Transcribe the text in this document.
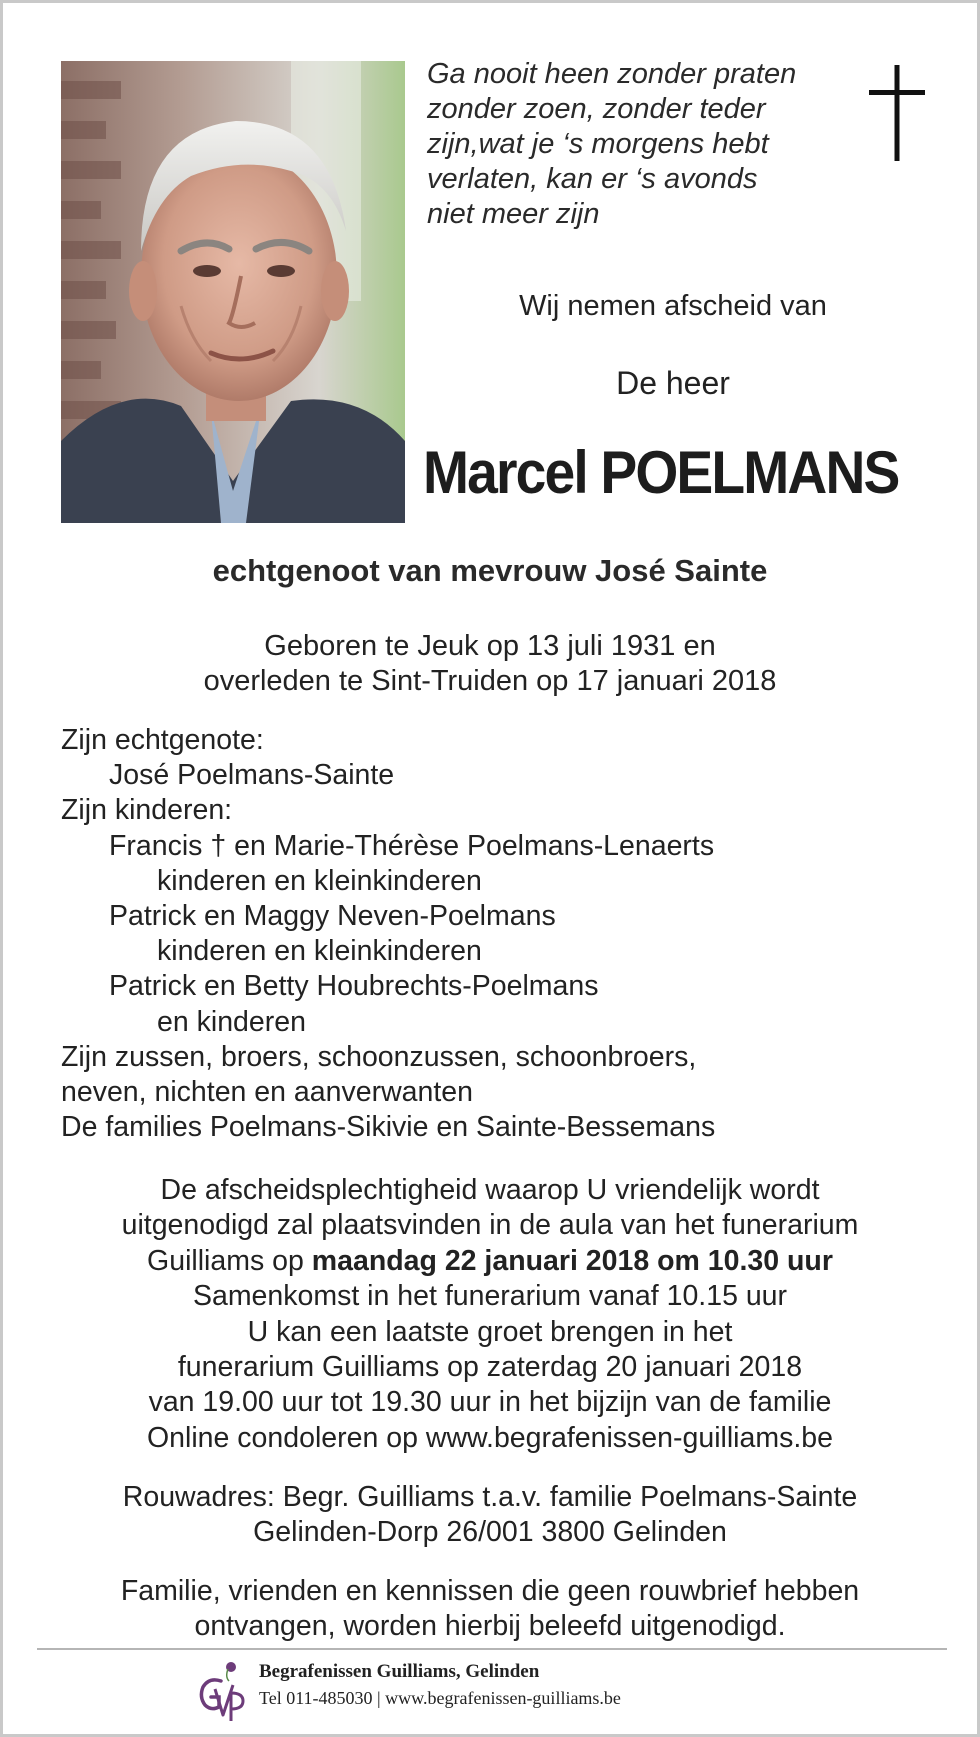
Ga nooit heen zonder praten
zonder zoen, zonder teder
zijn,wat je ‘s morgens hebt
verlaten, kan er ‘s avonds
niet meer zijn
Wij nemen afscheid van
De heer
Marcel POELMANS
echtgenoot van mevrouw José Sainte
Geboren te Jeuk op 13 juli 1931 en
overleden te Sint-Truiden op 17 januari 2018
Zijn echtgenote:
José Poelmans-Sainte
Zijn kinderen:
Francis † en Marie-Thérèse Poelmans-Lenaerts
kinderen en kleinkinderen
Patrick en Maggy Neven-Poelmans
kinderen en kleinkinderen
Patrick en Betty Houbrechts-Poelmans
en kinderen
Zijn zussen, broers, schoonzussen, schoonbroers,
neven, nichten en aanverwanten
De families Poelmans-Sikivie en Sainte-Bessemans
De afscheidsplechtigheid waarop U vriendelijk wordt
uitgenodigd zal plaatsvinden in de aula van het funerarium
Guilliams op maandag 22 januari 2018 om 10.30 uur
Samenkomst in het funerarium vanaf 10.15 uur
U kan een laatste groet brengen in het
funerarium Guilliams op zaterdag 20 januari 2018
van 19.00 uur tot 19.30 uur in het bijzijn van de familie
Online condoleren op www.begrafenissen-guilliams.be
Rouwadres: Begr. Guilliams t.a.v. familie Poelmans-Sainte
Gelinden-Dorp 26/001 3800 Gelinden
Familie, vrienden en kennissen die geen rouwbrief hebben
ontvangen, worden hierbij beleefd uitgenodigd.
Begrafenissen Guilliams, Gelinden
Tel 011-485030 | www.begrafenissen-guilliams.be
